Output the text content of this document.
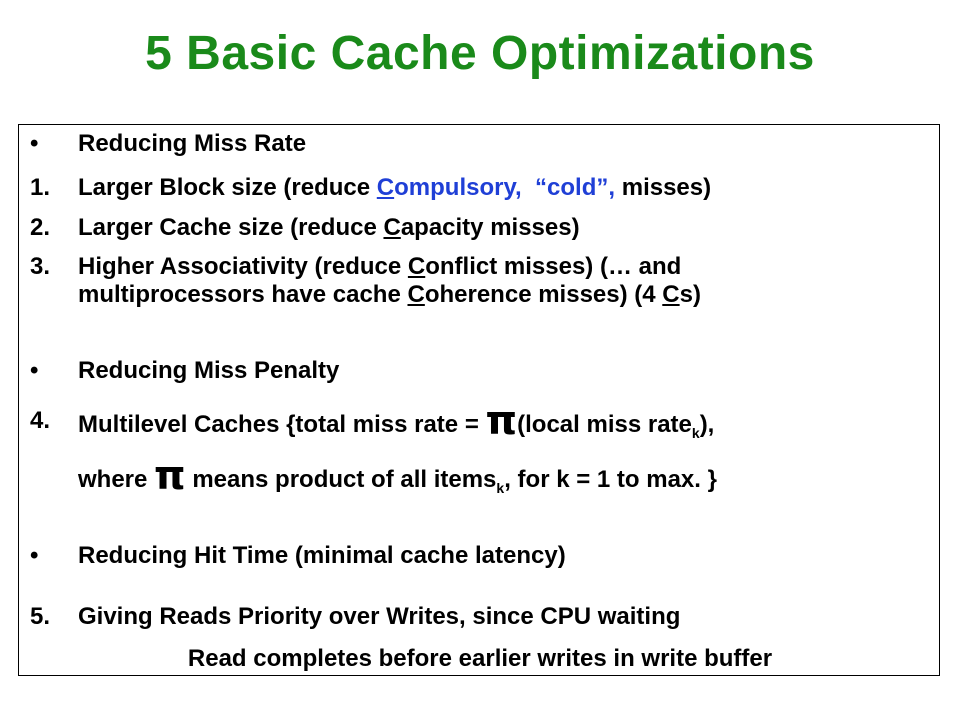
5 Basic Cache Optimizations
• Reducing Miss Rate
1. Larger Block size (reduce Compulsory, “cold”, misses)
2. Larger Cache size (reduce Capacity misses)
3. Higher Associativity (reduce Conflict misses) (… and
multiprocessors have cache Coherence misses) (4 Cs)
• Reducing Miss Penalty
4. Multilevel Caches {total miss rate = π(local miss rate$_k$),
where π means product of all items$_k$, for k = 1 to max. }
• Reducing Hit Time (minimal cache latency)
5. Giving Reads Priority over Writes, since CPU waiting
Read completes before earlier writes in write buffer
